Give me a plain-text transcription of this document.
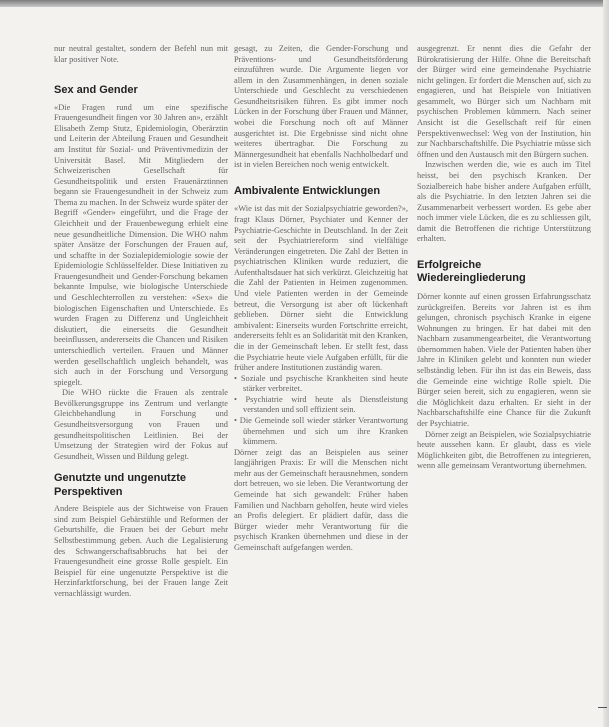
nur neutral gestaltet, sondern der Befehl nun mit klar positiver Note.

Sex and Gender

«Die Fragen rund um eine spezifische Frauengesundheit fingen vor 30 Jahren an», erzählt Elisabeth Zemp Stutz, Epidemiologin, Oberärztin und Leiterin der Abteilung Frauen und Gesundheit am Institut für Sozial- und Präventivmedizin der Universität Basel. Mit Mitgliedern der Schweizerischen Gesellschaft für Gesundheitspolitik und ersten Frauenärztinnen begann sie Frauengesundheit in der Schweiz zum Thema zu machen. In der Schweiz wurde später der Begriff «Gender» eingeführt, und die Frage der Gleichheit und der Frauenbewegung erhielt eine neue gesundheitliche Dimension. Die WHO nahm später Ansätze der Forschungen der Frauen auf, und schaffte in der Sozialepidemiologie sowie der Epidemiologie Schlüsselfelder. Diese Initiativen zu Frauengesundheit und Gender-Forschung bekamen bekannte Impulse, wie biologische Unterschiede und Geschlechterrollen zu verstehen: «Sex» die biologischen Eigenschaften und Unterschiede. Es wurden Fragen zu Differenz und Ungleichheit diskutiert, die einerseits die Gesundheit beeinflussen, andererseits die Chancen und Risiken unterschiedlich verteilen. Frauen und Männer werden gesellschaftlich ungleich behandelt, was sich auch in der Forschung und Versorgung spiegelt.

Die WHO rückte die Frauen als zentrale Bevölkerungsgruppe ins Zentrum und verlangte Gleichbehandlung in Forschung und Gesundheitsversorgung von Frauen und gesundheitspolitischen Leitlinien. Bei der Umsetzung der Strategien wird der Fokus auf Gesundheit, Wissen und Bildung gelegt.

Genutzte und ungenutzte Perspektiven

Andere Beispiele aus der Sichtweise von Frauen sind zum Beispiel Gebärstühle und Reformen der Geburtshilfe, die Frauen bei der Geburt mehr Selbstbestimmung geben. Auch die Legalisierung des Schwangerschaftsabbruchs hat bei der Frauengesundheit eine grosse Rolle gespielt. Ein Beispiel für eine ungenutzte Perspektive ist die Herzinfarktforschung, bei der Frauen lange Zeit vernachlässigt wurden.

gesagt, zu Zeiten, die Gender-Forschung und Präventions- und Gesundheitsförderung einzuführen wurde. Die Argumente liegen vor allem in den Zusammenhängen, in denen soziale Unterschiede und Geschlecht zu verschiedenen Gesundheitsrisiken führen. Es gibt immer noch Lücken in der Forschung über Frauen und Männer, wobei die Forschung noch oft auf Männer ausgerichtet ist. Die Ergebnisse sind nicht ohne weiteres übertragbar. Die Forschung zu Männergesundheit hat ebenfalls Nachholbedarf und ist in vielen Bereichen noch wenig entwickelt.

Ambivalente Entwicklungen

«Wie ist das mit der Sozialpsychiatrie geworden?», fragt Klaus Dörner, Psychiater und Kenner der Psychiatrie-Geschichte in Deutschland. In der Zeit seit der Psychiatriereform sind vielfältige Veränderungen eingetreten. Die Zahl der Betten in psychiatrischen Kliniken wurde reduziert, die Aufenthaltsdauer hat sich verkürzt. Gleichzeitig hat die Zahl der Patienten in Heimen zugenommen. Und viele Patienten werden in der Gemeinde betreut, die Versorgung ist aber oft lückenhaft geblieben. Dörner sieht die Entwicklung ambivalent: Einerseits wurden Fortschritte erreicht, andererseits fehlt es an Solidarität mit den Kranken, die in der Gemeinschaft leben. Er stellt fest, dass die Psychiatrie heute viele Aufgaben erfüllt, für die früher andere Institutionen zuständig waren.

• Soziale und psychische Krankheiten sind heute stärker verbreitet.

• Psychiatrie wird heute als Dienstleistung verstanden und soll effizient sein.

• Die Gemeinde soll wieder stärker Verantwortung übernehmen und sich um ihre Kranken kümmern.

Dörner zeigt das an Beispielen aus seiner langjährigen Praxis: Er will die Menschen nicht mehr aus der Gemeinschaft herausnehmen, sondern dort betreuen, wo sie leben. Die Verantwortung der Gemeinde hat sich gewandelt: Früher haben Familien und Nachbarn geholfen, heute wird vieles an Profis delegiert. Er plädiert dafür, dass die Bürger wieder mehr Verantwortung für die psychisch Kranken übernehmen und diese in der Gemeinschaft aufgefangen werden.

ausgegrenzt. Er nennt dies die Gefahr der Bürokratisierung der Hilfe. Ohne die Bereitschaft der Bürger wird eine gemeindenahe Psychiatrie nicht gelingen. Er fordert die Menschen auf, sich zu engagieren, und hat Beispiele von Initiativen gesammelt, wo Bürger sich um Nachbarn mit psychischen Problemen kümmern. Nach seiner Ansicht ist die Gesellschaft reif für einen Perspektivenwechsel: Weg von der Institution, hin zur Nachbarschaftshilfe. Die Psychiatrie müsse sich öffnen und den Austausch mit den Bürgern suchen.

Inzwischen werden die, wie es auch im Titel heisst, bei den psychisch Kranken. Der Sozialbereich habe bisher andere Aufgaben erfüllt, als die Psychiatrie. In den letzten Jahren sei die Zusammenarbeit verbessert worden. Es gebe aber noch immer viele Lücken, die es zu schliessen gilt, damit die Betroffenen die richtige Unterstützung erhalten.

Erfolgreiche Wiedereingliederung

Dörner konnte auf einen grossen Erfahrungsschatz zurückgreifen. Bereits vor Jahren ist es ihm gelungen, chronisch psychisch Kranke in eigene Wohnungen zu bringen. Er hat dabei mit den Nachbarn zusammengearbeitet, die Verantwortung übernommen haben. Viele der Patienten haben über Jahre in Kliniken gelebt und konnten nun wieder selbständig leben. Für ihn ist das ein Beweis, dass die Gemeinde eine wichtige Rolle spielt. Die Bürger seien bereit, sich zu engagieren, wenn sie die Möglichkeit dazu erhalten. Er sieht in der Nachbarschaftshilfe eine Chance für die Zukunft der Psychiatrie.

Dörner zeigt an Beispielen, wie Sozialpsychiatrie heute aussehen kann. Er glaubt, dass es viele Möglichkeiten gibt, die Betroffenen zu integrieren, wenn alle gemeinsam Verantwortung übernehmen.
